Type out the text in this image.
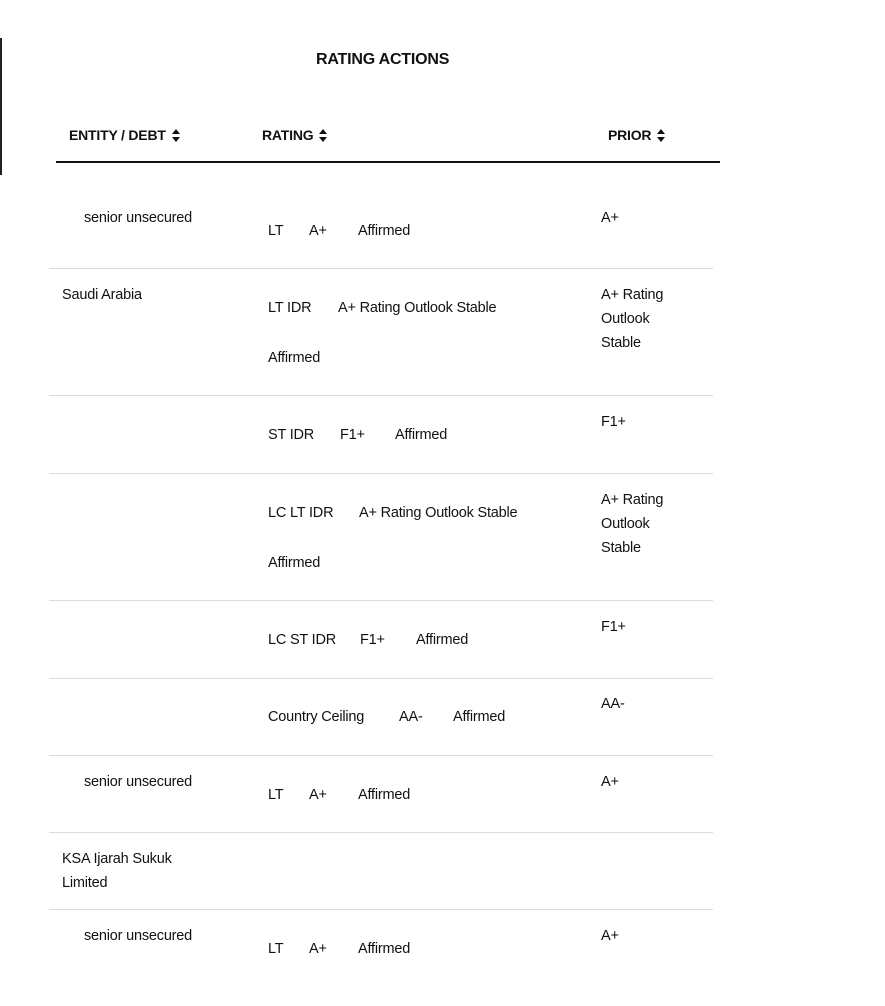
RATING ACTIONS
ENTITY / DEBT	RATING	PRIOR
senior unsecured
LT A+ Affirmed
A+
Saudi Arabia
LT IDR A+ Rating Outlook Stable
Affirmed
A+ Rating Outlook Stable
ST IDR F1+ Affirmed
F1+
LC LT IDR A+ Rating Outlook Stable
Affirmed
A+ Rating Outlook Stable
LC ST IDR F1+ Affirmed
F1+
Country Ceiling AA- Affirmed
AA-
senior unsecured
LT A+ Affirmed
A+
KSA Ijarah Sukuk Limited
senior unsecured
LT A+ Affirmed
A+
